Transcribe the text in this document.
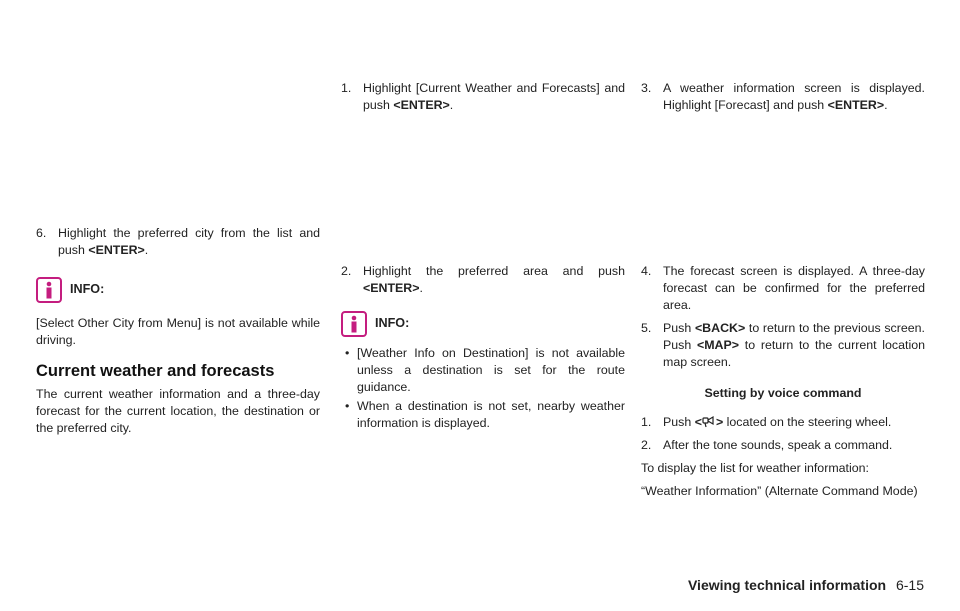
6. Highlight the preferred city from the list and push <ENTER>.
INFO:
[Select Other City from Menu] is not available while driving.
Current weather and forecasts
The current weather information and a three-day forecast for the current location, the destination or the preferred city.
1. Highlight [Current Weather and Forecasts] and push <ENTER>.
2. Highlight the preferred area and push <ENTER>.
INFO:
• [Weather Info on Destination] is not available unless a destination is set for the route guidance.
• When a destination is not set, nearby weather information is displayed.
3. A weather information screen is displayed. Highlight [Forecast] and push <ENTER>.
4. The forecast screen is displayed. A three-day forecast can be confirmed for the preferred area.
5. Push <BACK> to return to the previous screen. Push <MAP> to return to the current location map screen.
Setting by voice command
1. Push < > located on the steering wheel.
2. After the tone sounds, speak a command.
To display the list for weather information:
“Weather Information” (Alternate Command Mode)
Viewing technical information 6-15
